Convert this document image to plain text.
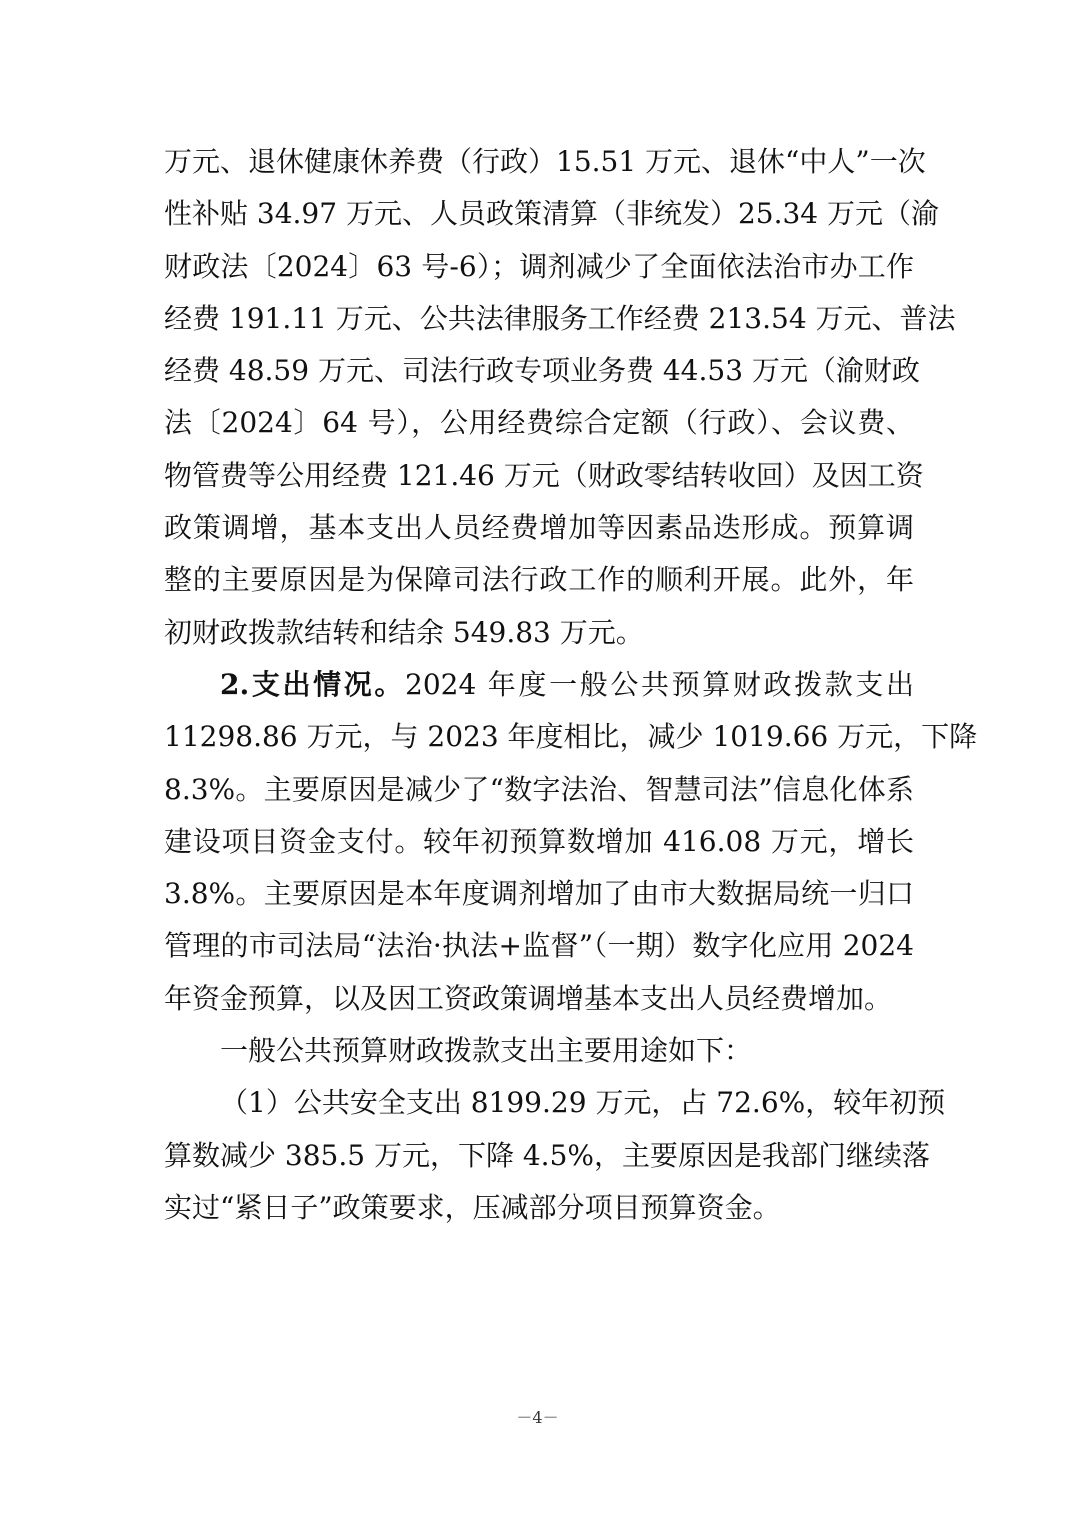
万元、退休健康休养费（行政）15.51 万元、退休“中人”一次
性补贴 34.97 万元、人员政策清算（非统发）25.34 万元（渝
财政法〔2024〕63 号-6）；调剂减少了全面依法治市办工作
经费 191.11 万元、公共法律服务工作经费 213.54 万元、普法
经费 48.59 万元、司法行政专项业务费 44.53 万元（渝财政
法〔2024〕64 号），公用经费综合定额（行政）、会议费、
物管费等公用经费 121.46 万元（财政零结转收回）及因工资
政策调增，基本支出人员经费增加等因素品迭形成。预算调
整的主要原因是为保障司法行政工作的顺利开展。此外，年
初财政拨款结转和结余 549.83 万元。
2.支出情况。2024 年度一般公共预算财政拨款支出
11298.86 万元，与 2023 年度相比，减少 1019.66 万元，下降
8.3%。主要原因是减少了“数字法治、智慧司法”信息化体系
建设项目资金支付。较年初预算数增加 416.08 万元，增长
3.8%。主要原因是本年度调剂增加了由市大数据局统一归口
管理的市司法局“法治·执法+监督”（一期）数字化应用 2024
年资金预算，以及因工资政策调增基本支出人员经费增加。
一般公共预算财政拨款支出主要用途如下：
（1）公共安全支出 8199.29 万元，占 72.6%，较年初预
算数减少 385.5 万元，下降 4.5%，主要原因是我部门继续落
实过“紧日子”政策要求，压减部分项目预算资金。
－4－
